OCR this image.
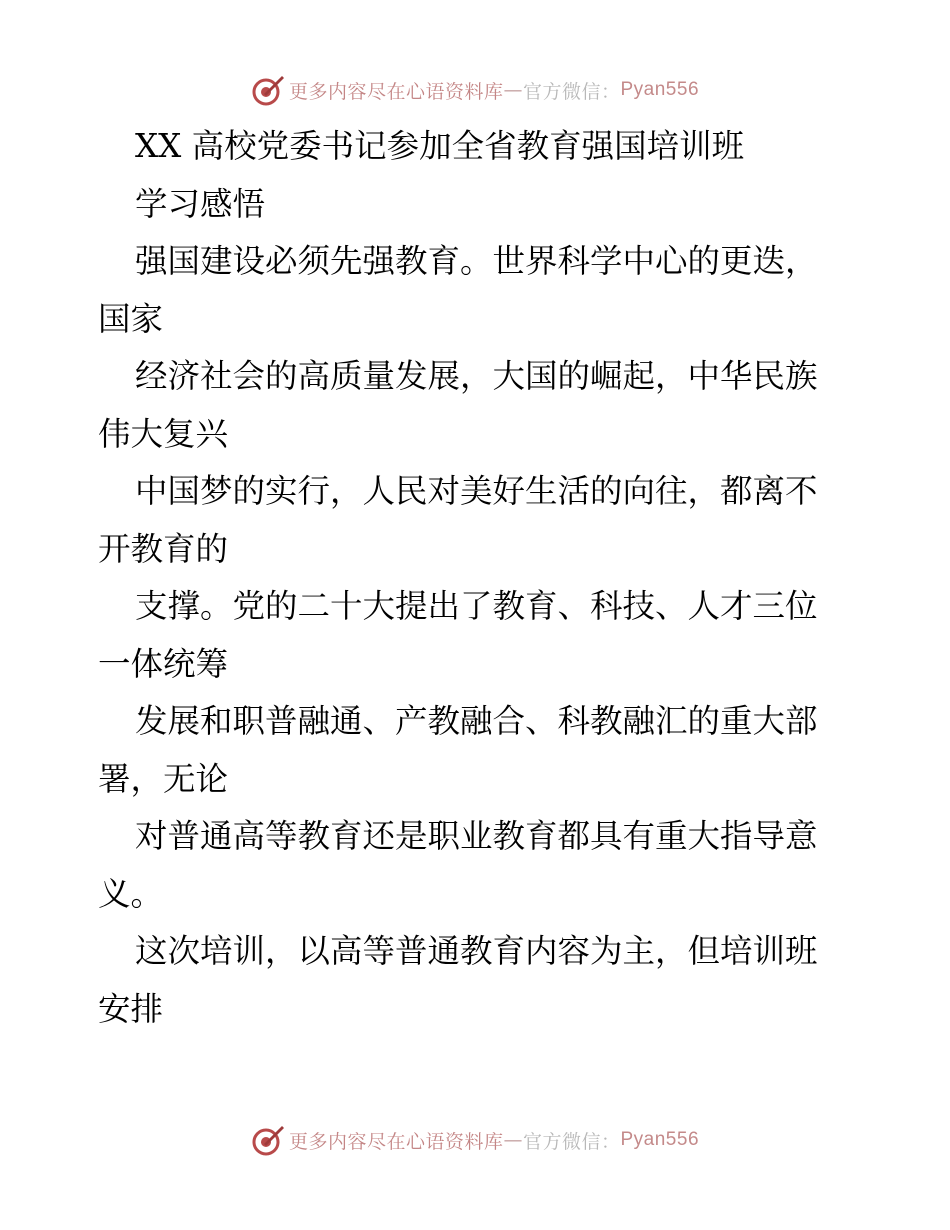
更多内容尽在心语资料库 — 官方微信： Pyan556
XX 高校党委书记参加全省教育强国培训班
学习感悟
强国建设必须先强教育。世界科学中心的更迭，
国家
经济社会的高质量发展，大国的崛起，中华民族
伟大复兴
中国梦的实行，人民对美好生活的向往，都离不
开教育的
支撑。党的二十大提出了教育、科技、人才三位
一体统筹
发展和职普融通、产教融合、科教融汇的重大部
署，无论
对普通高等教育还是职业教育都具有重大指导意
义。
这次培训，以高等普通教育内容为主，但培训班
安排
更多内容尽在心语资料库 — 官方微信： Pyan556
